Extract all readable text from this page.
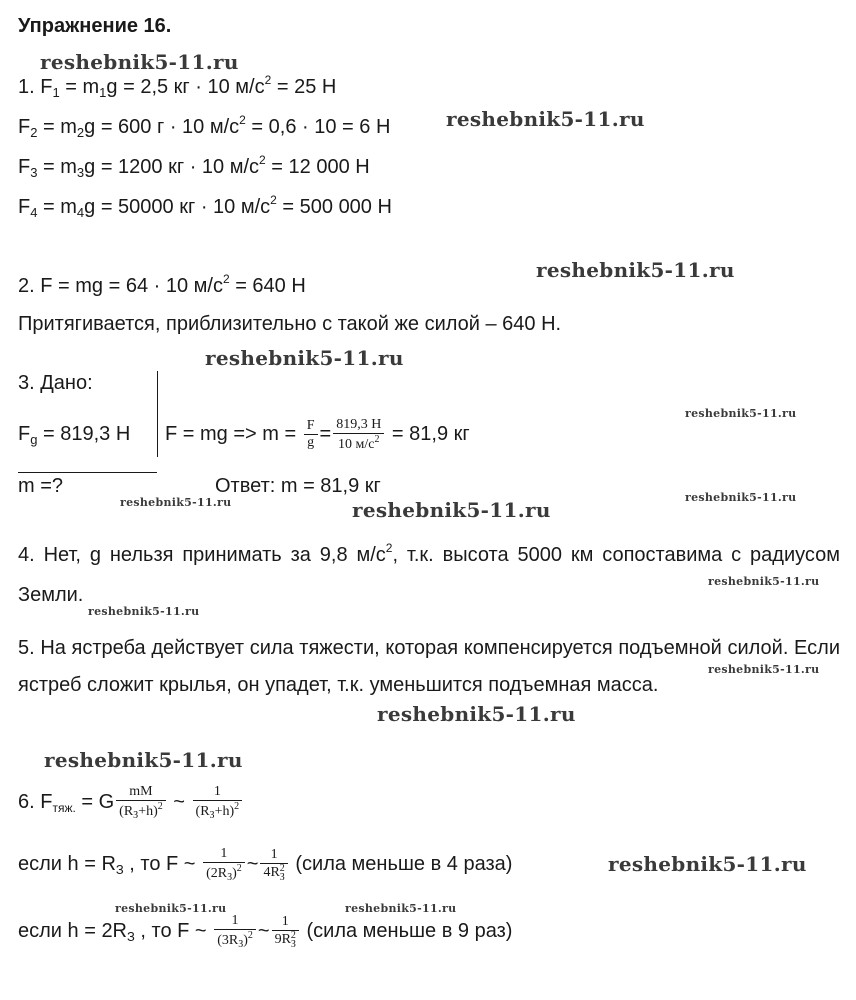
Упражнение 16.
reshebnik5-11.ru
reshebnik5-11.ru
reshebnik5-11.ru
reshebnik5-11.ru
reshebnik5-11.ru
reshebnik5-11.ru
reshebnik5-11.ru	reshebnik5-11.ru
reshebnik5-11.ru
reshebnik5-11.ru
reshebnik5-11.ru
reshebnik5-11.ru
reshebnik5-11.ru
reshebnik5-11.ru
reshebnik5-11.ru	reshebnik5-11.ru
1. $F_1 = m_1g = 2,5$ кг · 10 $м/с^2 = 25$ Н
$F_2 = m_2g = 600$ г · 10 $м/с^2 = 0,6 \cdot 10 = 6$ Н
$F_3 = m_3g = 1200$ кг · 10 $м/с^2 = 12$ 000 Н
$F_4 = m_4g = 50000$ кг · 10 $м/с^2 = 500$ 000 Н
2. F = mg = 64 · 10 $м/с^2 = 640$ Н
Притягивается, приблизительно с такой же силой – 640 Н.
3. Дано:
$F_g = 819,3$ Н F = mg => $m = \frac{F}{g} = \frac{819,3 Н}{10 м/с^2} = 81,9$ кг
m =?	Ответ: m = 81,9 кг
4. Нет, g нельзя принимать за 9,8 $м/с^2$, т.к. высота 5000 км сопоставима с радиусом Земли.
5. На ястреба действует сила тяжести, которая компенсируется подъемной силой. Если ястреб сложит крылья, он упадет, т.к. уменьшится подъемная масса.
6. $F_{тяж.} = G \frac{mM}{(R_З+h)^2}$ ~ $\frac{1}{(R_З+h)^2}$
если $h = R_З$ , то F ~ $\frac{1}{(2R_З)^2}$ ~ 1
4R 2
З (сила меньше в 4 раза)
если $h = 2R_З$ , то F ~ $\frac{1}{(3R_З)^2}$ ~ 1
9R 2
З (сила меньше в 9 раз)
